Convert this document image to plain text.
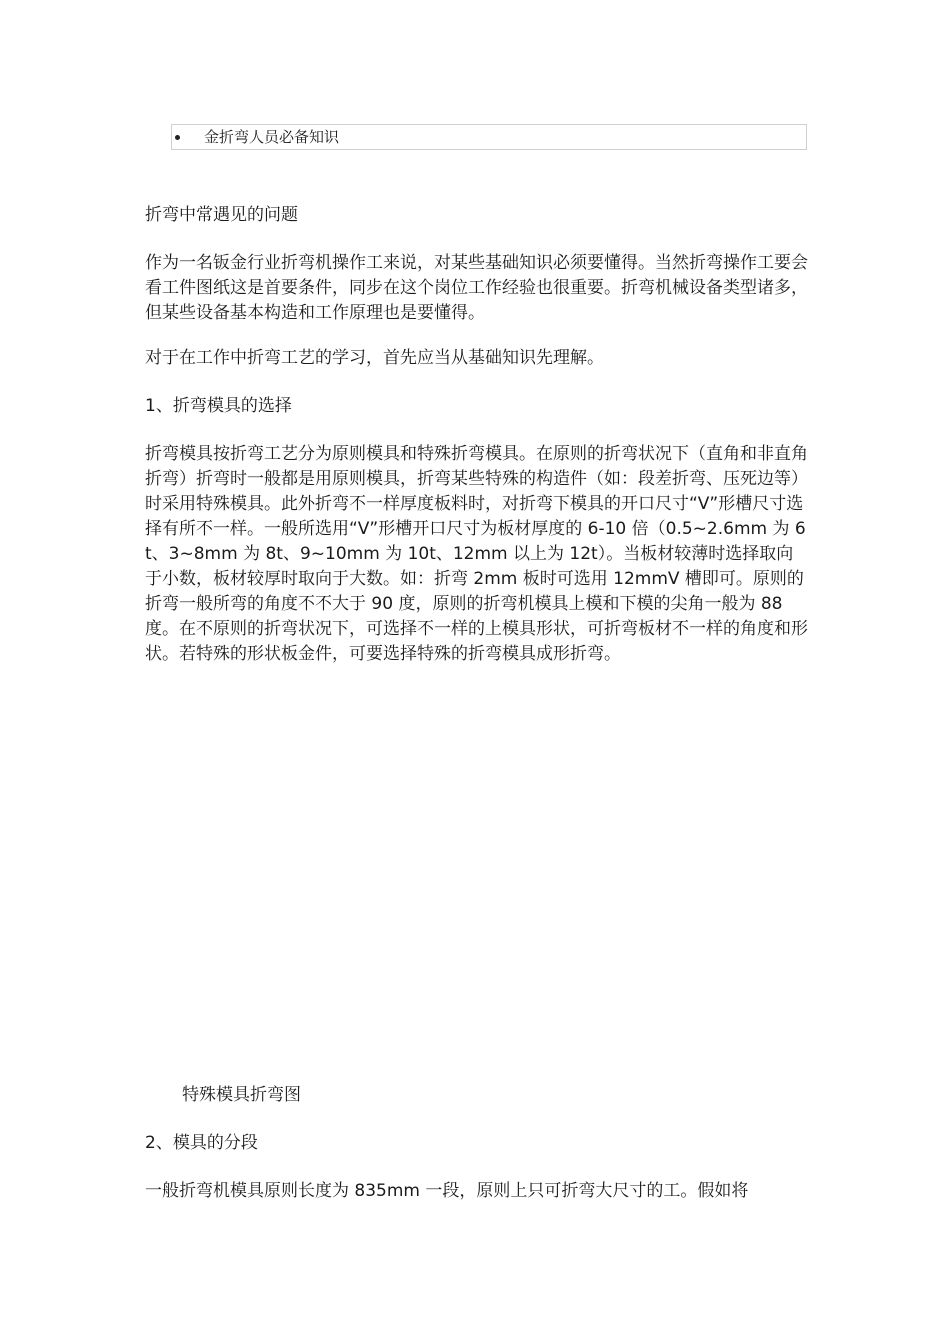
金折弯人员必备知识

折弯中常遇见的问题

作为一名钣金行业折弯机操作工来说，对某些基础知识必须要懂得。当然折弯操作工要会看工件图纸这是首要条件，同步在这个岗位工作经验也很重要。折弯机械设备类型诸多，但某些设备基本构造和工作原理也是要懂得。

对于在工作中折弯工艺的学习，首先应当从基础知识先理解。

1、折弯模具的选择

折弯模具按折弯工艺分为原则模具和特殊折弯模具。在原则的折弯状况下（直角和非直角折弯）折弯时一般都是用原则模具，折弯某些特殊的构造件（如：段差折弯、压死边等）时采用特殊模具。此外折弯不一样厚度板料时，对折弯下模具的开口尺寸“V”形槽尺寸选择有所不一样。一般所选用“V”形槽开口尺寸为板材厚度的 6-10 倍（0.5~2.6mm 为 6t、3~8mm 为 8t、9~10mm 为 10t、12mm 以上为 12t）。当板材较薄时选择取向于小数，板材较厚时取向于大数。如：折弯 2mm 板时可选用 12mmV 槽即可。原则的折弯一般所弯的角度不不大于 90 度，原则的折弯机模具上模和下模的尖角一般为 88 度。在不原则的折弯状况下，可选择不一样的上模具形状，可折弯板材不一样的角度和形状。若特殊的形状板金件，可要选择特殊的折弯模具成形折弯。

特殊模具折弯图

2、模具的分段

一般折弯机模具原则长度为 835mm 一段，原则上只可折弯大尺寸的工。假如将
